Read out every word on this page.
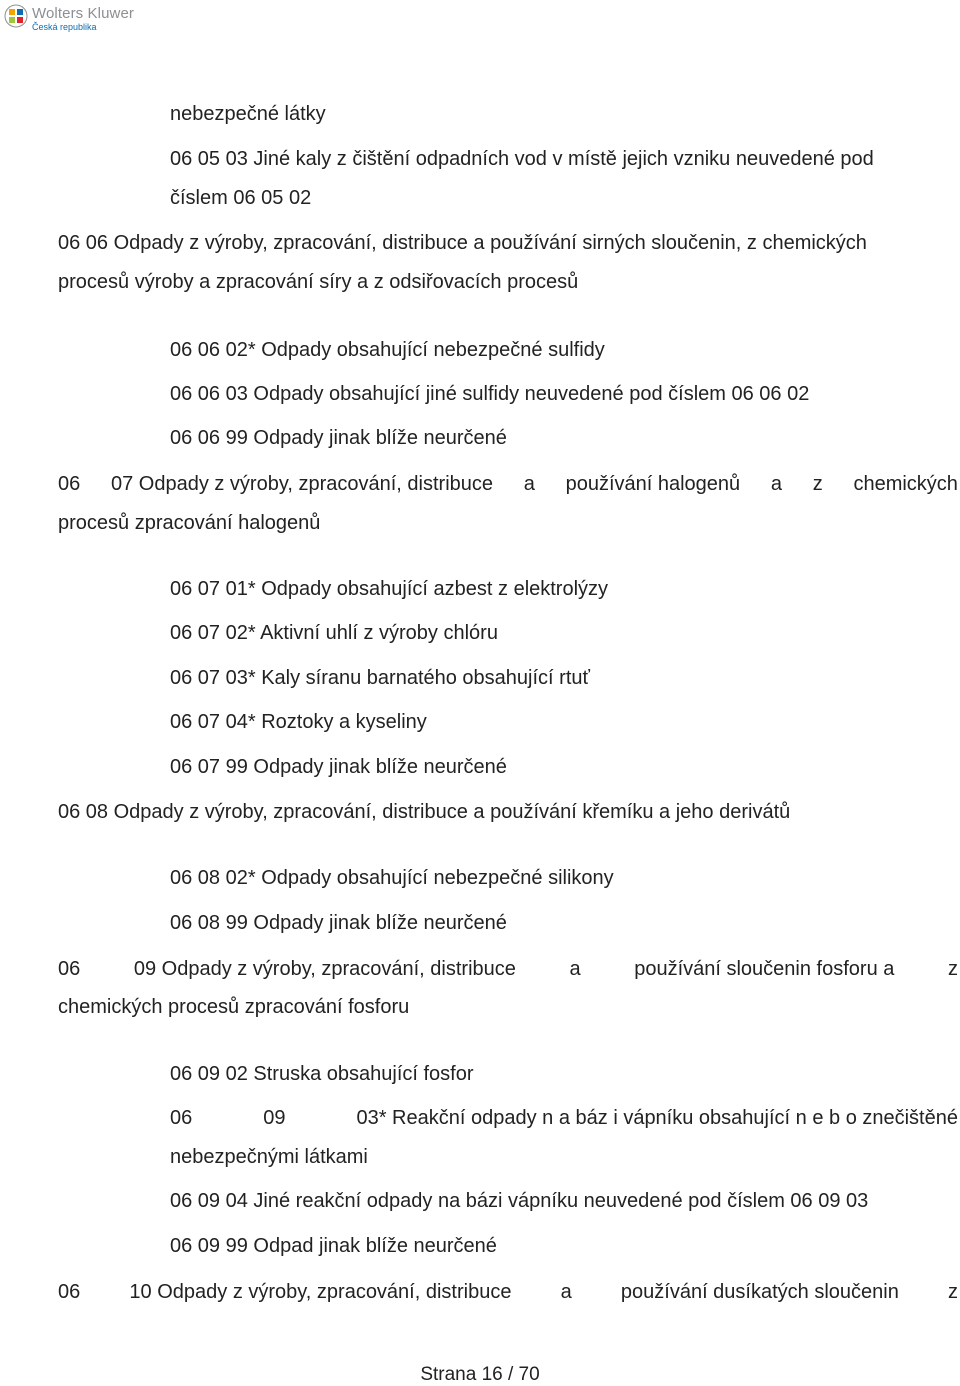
Wolters Kluwer
Česká republika

nebezpečné látky

06 05 03 Jiné kaly z čištění odpadních vod v místě jejich vzniku neuvedené pod

číslem 06 05 02

06 06 Odpady z výroby, zpracování, distribuce a používání sirných sloučenin, z chemických

procesů výroby a zpracování síry a z odsiřovacích procesů

06 06 02* Odpady obsahující nebezpečné sulfidy

06 06 03 Odpady obsahující jiné sulfidy neuvedené pod číslem 06 06 02

06 06 99 Odpady jinak blíže neurčené

06 07 Odpady z výroby, zpracování, distribuce a používání halogenů a z chemických

procesů zpracování halogenů

06 07 01* Odpady obsahující azbest z elektrolýzy

06 07 02* Aktivní uhlí z výroby chlóru

06 07 03* Kaly síranu barnatého obsahující rtuť

06 07 04* Roztoky a kyseliny

06 07 99 Odpady jinak blíže neurčené

06 08 Odpady z výroby, zpracování, distribuce a používání křemíku a jeho derivátů

06 08 02* Odpady obsahující nebezpečné silikony

06 08 99 Odpady jinak blíže neurčené

06	09 Odpady z výroby, zpracování, distribuce	a	používání sloučenin fosforu a	z

chemických procesů zpracování fosforu

06 09 02 Struska obsahující fosfor

06	09	03* Reakční odpady n a báz i vápníku obsahující n e b o znečištěné

nebezpečnými látkami

06 09 04 Jiné reakční odpady na bázi vápníku neuvedené pod číslem 06 09 03

06 09 99 Odpad jinak blíže neurčené

06 10 Odpady z výroby, zpracování, distribuce a používání dusíkatých sloučenin z
Strana 16 / 70
